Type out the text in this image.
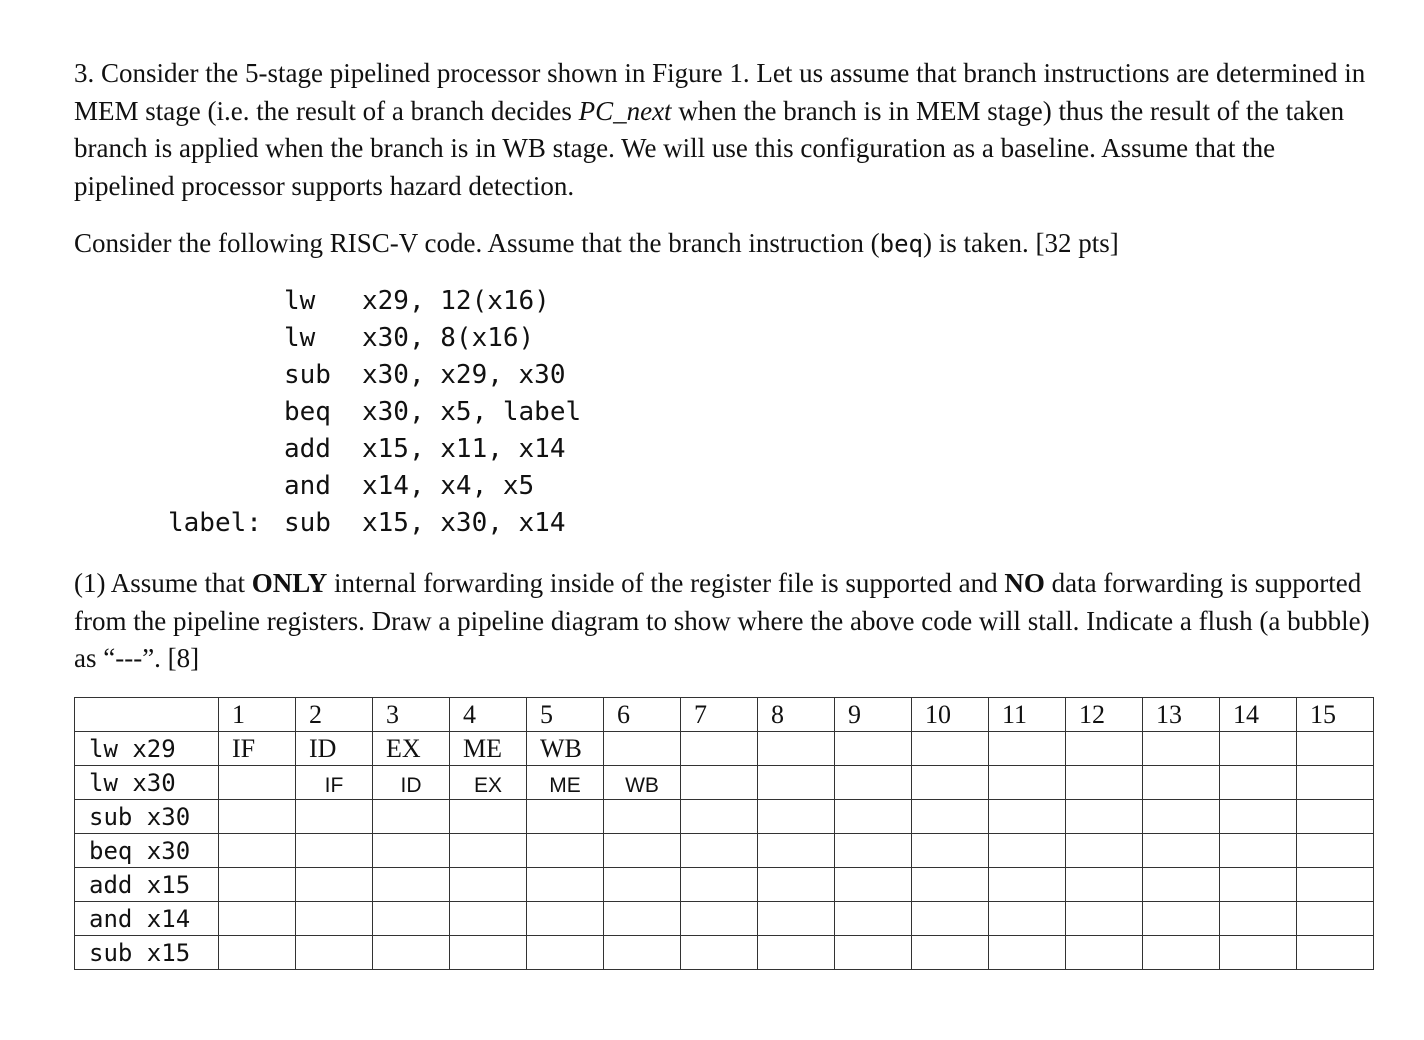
3. Consider the 5-stage pipelined processor shown in Figure 1. Let us assume that branch instructions are determined in MEM stage (i.e. the result of a branch decides PC_next when the branch is in MEM stage) thus the result of the taken branch is applied when the branch is in WB stage. We will use this configuration as a baseline. Assume that the pipelined processor supports hazard detection.

Consider the following RISC-V code. Assume that the branch instruction (beq) is taken. [32 pts]

lw	x29, 12(x16)
lw	x30, 8(x16)
sub	x30, x29, x30
beq	x30, x5, label
add	x15, x11, x14
and	x14, x4, x5
label: sub	x15, x30, x14

(1) Assume that ONLY internal forwarding inside of the register file is supported and NO data forwarding is supported from the pipeline registers. Draw a pipeline diagram to show where the above code will stall. Indicate a flush (a bubble) as “---”. [8]

	1	2	3	4	5	6	7	8	9	10	11	12	13	14	15
lw x29	IF	ID	EX	ME	WB										
lw x30		IF	ID	EX	ME	WB									
sub x30															
beq x30															
add x15															
and x14															
sub x15															
